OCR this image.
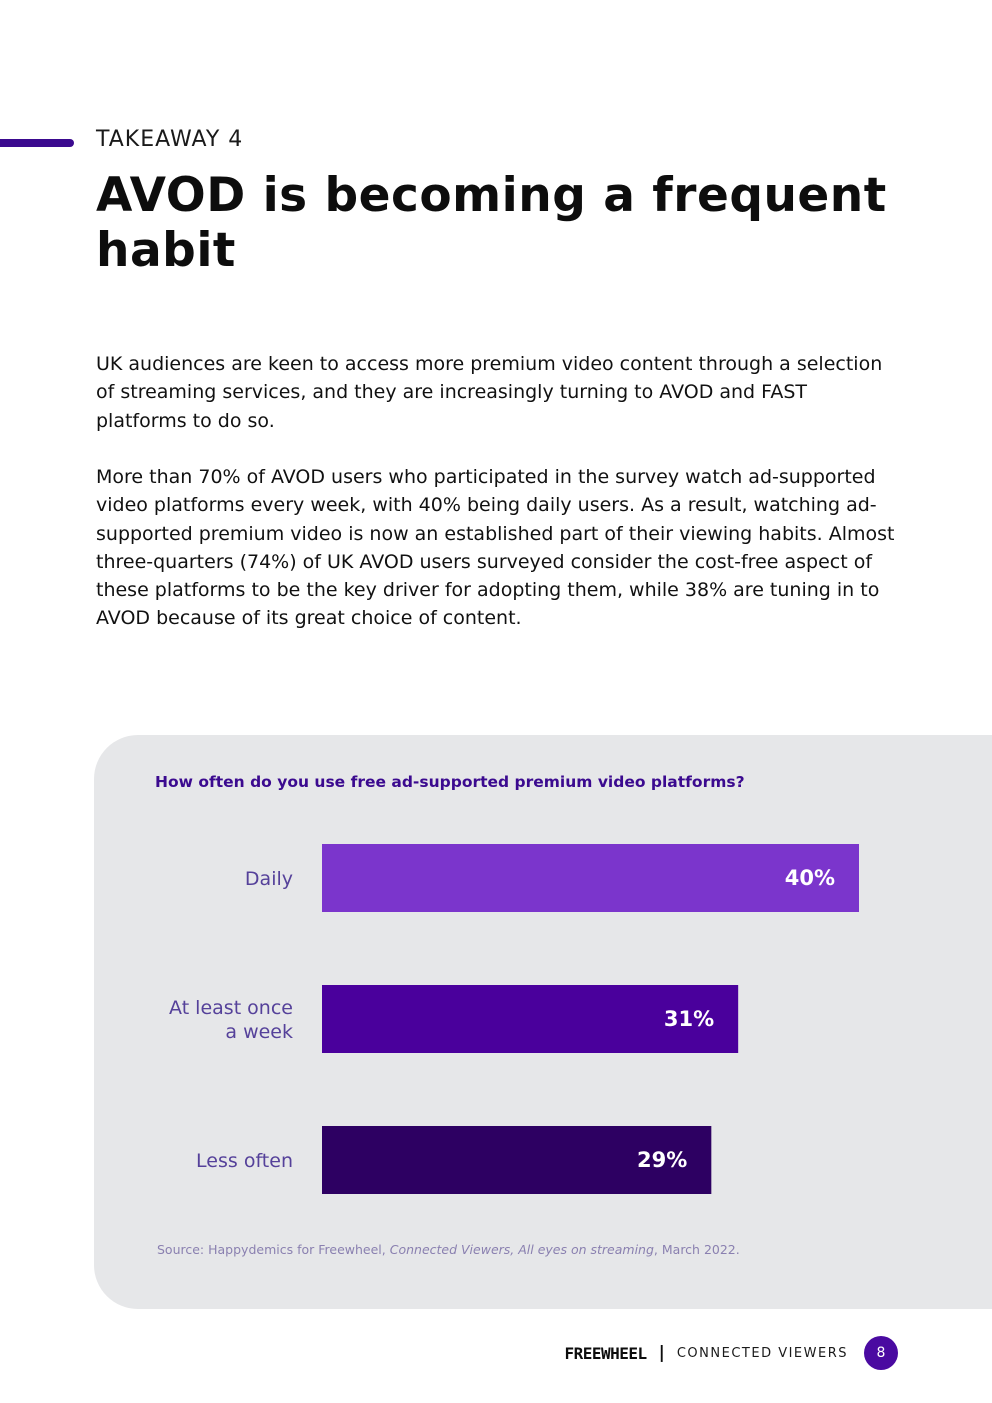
TAKEAWAY 4
AVOD is becoming a frequent habit

UK audiences are keen to access more premium video content through a selection of streaming services, and they are increasingly turning to AVOD and FAST platforms to do so.

More than 70% of AVOD users who participated in the survey watch ad-supported video platforms every week, with 40% being daily users. As a result, watching ad-supported premium video is now an established part of their viewing habits. Almost three-quarters (74%) of UK AVOD users surveyed consider the cost-free aspect of these platforms to be the key driver for adopting them, while 38% are tuning in to AVOD because of its great choice of content.

How often do you use free ad-supported premium video platforms?
40%
Daily
31%
At least once a week
29%
Less often
Source: Happydemics for Freewheel, Connected Viewers, All eyes on streaming, March 2022.
FREEWHEEL | CONNECTED VIEWERS	8
